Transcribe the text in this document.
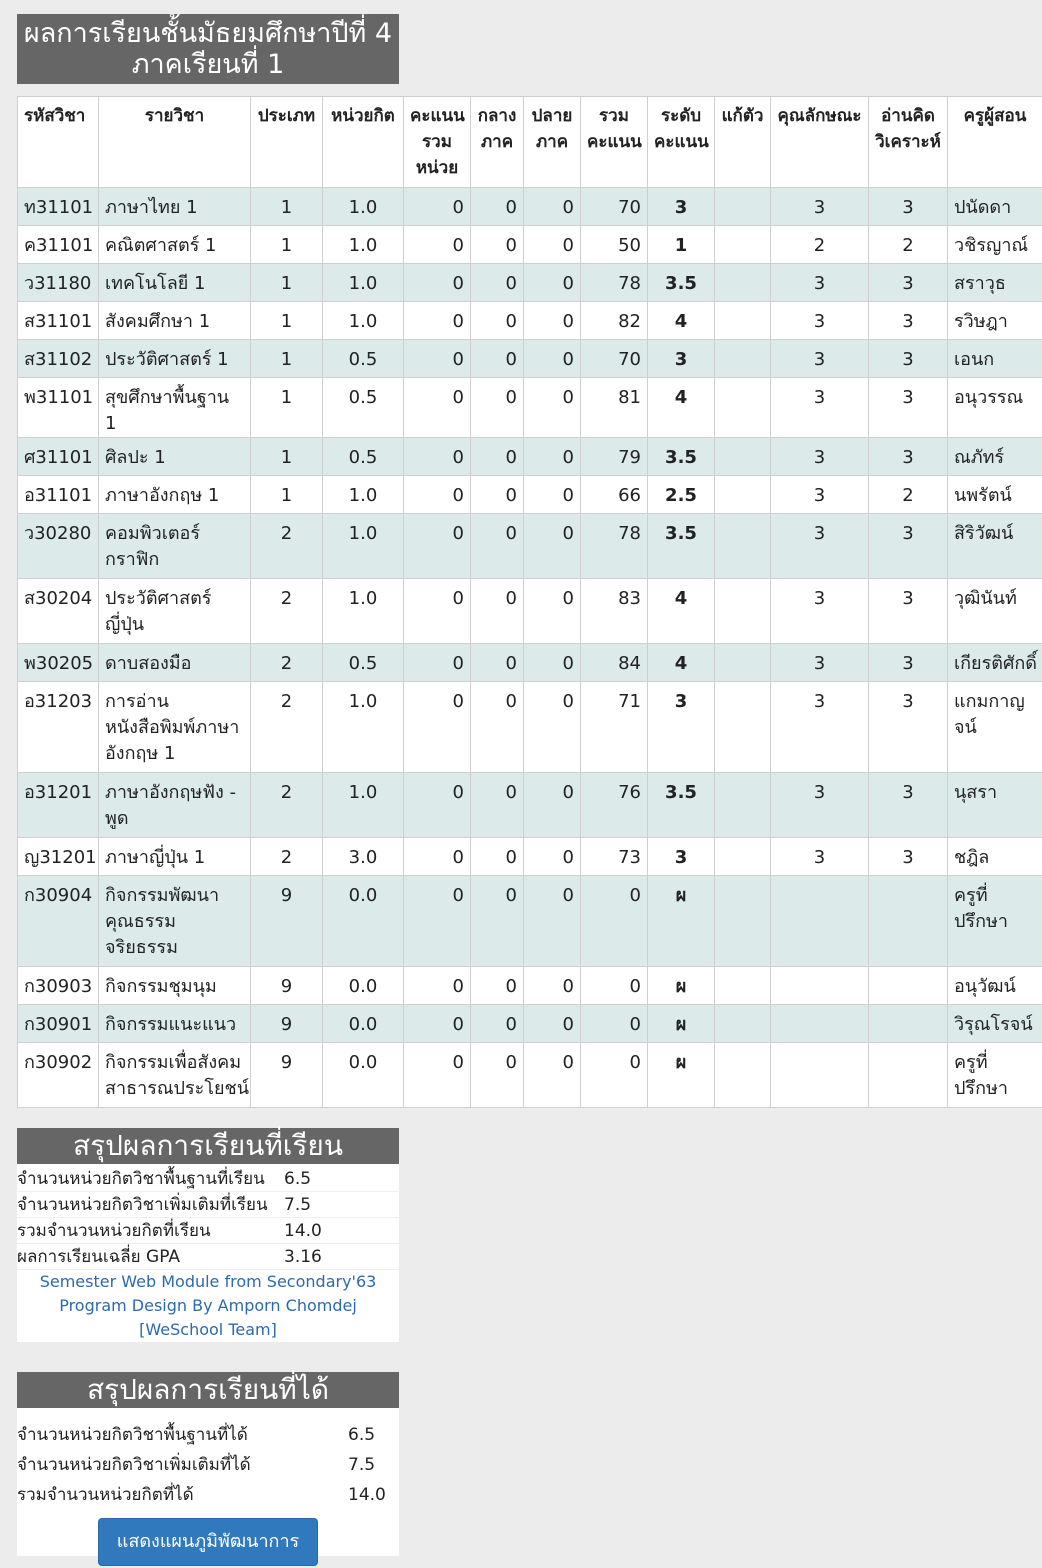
ผลการเรียนชั้นมัธยมศึกษาปีที่ 4 ภาคเรียนที่ 1
รหัสวิชา	รายวิชา	ประเภท	หน่วยกิต	คะแนนรวมหน่วย	กลางภาค	ปลายภาค	รวมคะแนน	ระดับคะแนน	แก้ตัว	คุณลักษณะ	อ่านคิดวิเคราะห์	ครูผู้สอน
ท31101	ภาษาไทย 1	1	1.0	0	0	0	70	3		3	3	ปนัดดา
ค31101	คณิตศาสตร์ 1	1	1.0	0	0	0	50	1		2	2	วชิรญาณ์
ว31180	เทคโนโลยี 1	1	1.0	0	0	0	78	3.5		3	3	สราวุธ
ส31101	สังคมศึกษา 1	1	1.0	0	0	0	82	4		3	3	รวิษฎา
ส31102	ประวัติศาสตร์ 1	1	0.5	0	0	0	70	3		3	3	เอนก
พ31101	สุขศึกษาพื้นฐาน 1	1	0.5	0	0	0	81	4		3	3	อนุวรรณ
ศ31101	ศิลปะ 1	1	0.5	0	0	0	79	3.5		3	3	ณภัทร์
อ31101	ภาษาอังกฤษ 1	1	1.0	0	0	0	66	2.5		3	2	นพรัตน์
ว30280	คอมพิวเตอร์กราฟิก	2	1.0	0	0	0	78	3.5		3	3	สิริวัฒน์
ส30204	ประวัติศาสตร์ญี่ปุ่น	2	1.0	0	0	0	83	4		3	3	วุฒินันท์
พ30205	ดาบสองมือ	2	0.5	0	0	0	84	4		3	3	เกียรติศักดิ์
อ31203	การอ่านหนังสือพิมพ์ภาษาอังกฤษ 1	2	1.0	0	0	0	71	3		3	3	แกมกาญจน์
อ31201	ภาษาอังกฤษฟัง - พูด	2	1.0	0	0	0	76	3.5		3	3	นุสรา
ญ31201	ภาษาญี่ปุ่น 1	2	3.0	0	0	0	73	3		3	3	ชฎิล
ก30904	กิจกรรมพัฒนาคุณธรรมจริยธรรม	9	0.0	0	0	0	0	ผ				ครูที่ปรึกษา
ก30903	กิจกรรมชุมนุม	9	0.0	0	0	0	0	ผ				อนุวัฒน์
ก30901	กิจกรรมแนะแนว	9	0.0	0	0	0	0	ผ				วิรุณโรจน์
ก30902	กิจกรรมเพื่อสังคมสาธารณประโยชน์	9	0.0	0	0	0	0	ผ				ครูที่ปรึกษา
สรุปผลการเรียนที่เรียน
จำนวนหน่วยกิตวิชาพื้นฐานที่เรียน	6.5
จำนวนหน่วยกิตวิชาเพิ่มเติมที่เรียน 7.5
รวมจำนวนหน่วยกิตที่เรียน	14.0
ผลการเรียนเฉลี่ย GPA	3.16
Semester Web Module from Secondary'63
Program Design By Amporn Chomdej [WeSchool Team]
สรุปผลการเรียนที่ได้
จำนวนหน่วยกิตวิชาพื้นฐานที่ได้	6.5
จำนวนหน่วยกิตวิชาเพิ่มเติมที่ได้	7.5
รวมจำนวนหน่วยกิตที่ได้	14.0
แสดงแผนภูมิพัฒนาการ
